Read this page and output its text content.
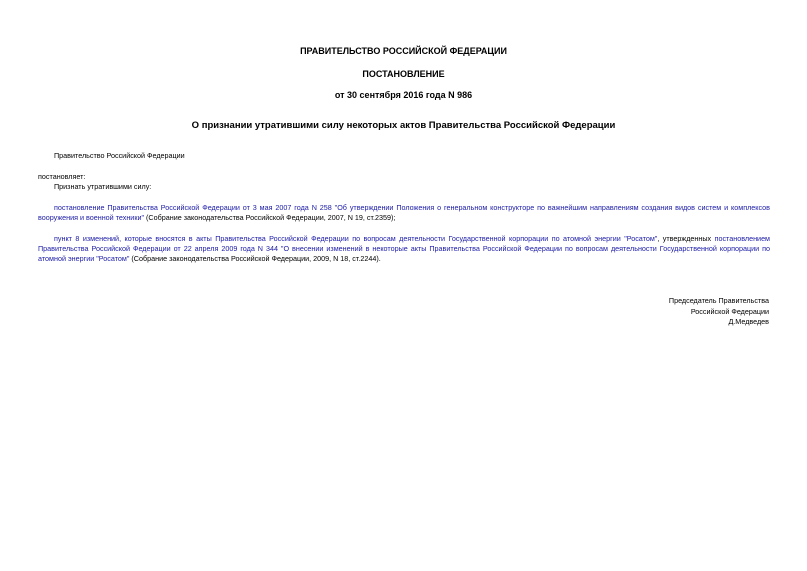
ПРАВИТЕЛЬСТВО РОССИЙСКОЙ ФЕДЕРАЦИИ
ПОСТАНОВЛЕНИЕ
от 30 сентября 2016 года N 986
О признании утратившими силу некоторых актов Правительства Российской Федерации
Правительство Российской Федерации
постановляет:
Признать утратившими силу:
постановление Правительства Российской Федерации от 3 мая 2007 года N 258 "Об утверждении Положения о генеральном конструкторе по важнейшим направлениям создания видов систем и комплексов вооружения и военной техники" (Собрание законодательства Российской Федерации, 2007, N 19, ст.2359);
пункт 8 изменений, которые вносятся в акты Правительства Российской Федерации по вопросам деятельности Государственной корпорации по атомной энергии "Росатом", утвержденных постановлением Правительства Российской Федерации от 22 апреля 2009 года N 344 "О внесении изменений в некоторые акты Правительства Российской Федерации по вопросам деятельности Государственной корпорации по атомной энергии "Росатом" (Собрание законодательства Российской Федерации, 2009, N 18, ст.2244).
Председатель Правительства
Российской Федерации
Д.Медведев
